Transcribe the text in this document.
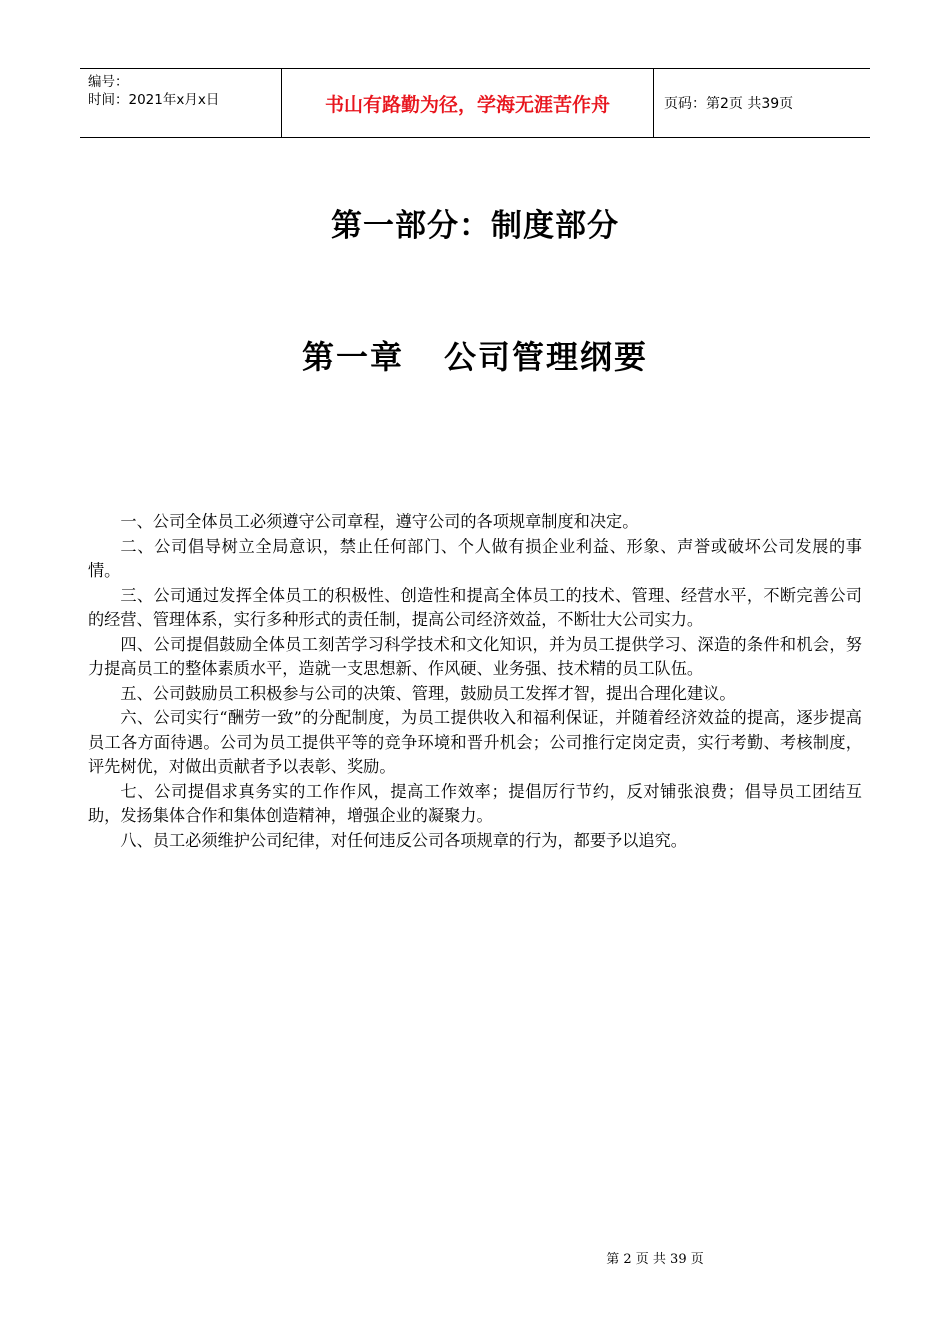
编号：
时间：2021年x月x日	书山有路勤为径，学海无涯苦作舟	页码：第2页 共39页
第一部分：制度部分
第一章 公司管理纲要

一、公司全体员工必须遵守公司章程，遵守公司的各项规章制度和决定。

二、公司倡导树立全局意识，禁止任何部门、个人做有损企业利益、形象、声誉或破坏公司发展的事情。

三、公司通过发挥全体员工的积极性、创造性和提高全体员工的技术、管理、经营水平，不断完善公司的经营、管理体系，实行多种形式的责任制，提高公司经济效益，不断壮大公司实力。

四、公司提倡鼓励全体员工刻苦学习科学技术和文化知识，并为员工提供学习、深造的条件和机会，努力提高员工的整体素质水平，造就一支思想新、作风硬、业务强、技术精的员工队伍。

五、公司鼓励员工积极参与公司的决策、管理，鼓励员工发挥才智，提出合理化建议。

六、公司实行“酬劳一致”的分配制度，为员工提供收入和福利保证，并随着经济效益的提高，逐步提高员工各方面待遇。公司为员工提供平等的竞争环境和晋升机会；公司推行定岗定责，实行考勤、考核制度，评先树优，对做出贡献者予以表彰、奖励。

七、公司提倡求真务实的工作作风，提高工作效率；提倡厉行节约，反对铺张浪费；倡导员工团结互助，发扬集体合作和集体创造精神，增强企业的凝聚力。

八、员工必须维护公司纪律，对任何违反公司各项规章的行为，都要予以追究。

第 2 页 共 39 页
